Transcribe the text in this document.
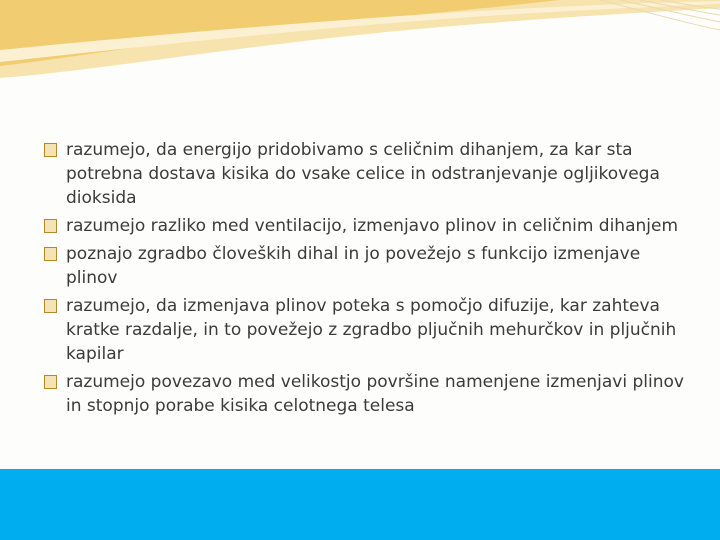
razumejo, da energijo pridobivamo s celičnim dihanjem, za kar sta potrebna dostava kisika do vsake celice in odstranjevanje ogljikovega dioksida
razumejo razliko med ventilacijo, izmenjavo plinov in celičnim dihanjem
poznajo zgradbo človeških dihal in jo povežejo s funkcijo izmenjave plinov
razumejo, da izmenjava plinov poteka s pomočjo difuzije, kar zahteva kratke razdalje, in to povežejo z zgradbo pljučnih mehurčkov in pljučnih kapilar
razumejo povezavo med velikostjo površine namenjene izmenjavi plinov in stopnjo porabe kisika celotnega telesa
